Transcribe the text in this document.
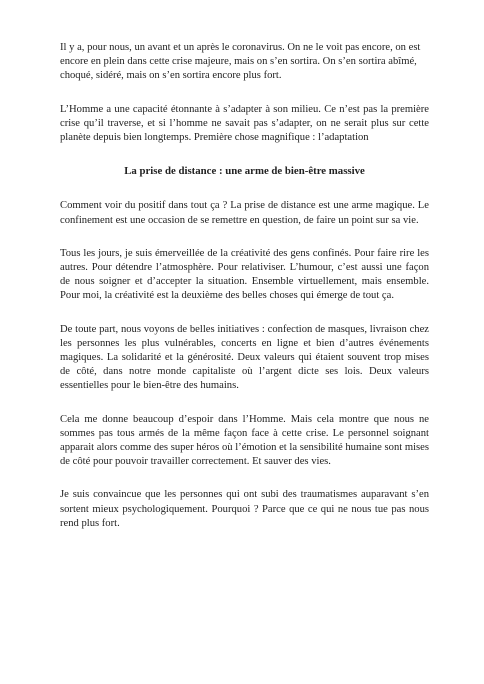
Il y a, pour nous, un avant et un après le coronavirus. On ne le voit pas encore, on est encore en plein dans cette crise majeure, mais on s’en sortira. On s’en sortira abîmé, choqué, sidéré, mais on s’en sortira encore plus fort.

L’Homme a une capacité étonnante à s’adapter à son milieu. Ce n’est pas la première crise qu’il traverse, et si l’homme ne savait pas s’adapter, on ne serait plus sur cette planète depuis bien longtemps. Première chose magnifique : l’adaptation

La prise de distance : une arme de bien-être massive

Comment voir du positif dans tout ça ? La prise de distance est une arme magique. Le confinement est une occasion de se remettre en question, de faire un point sur sa vie.

Tous les jours, je suis émerveillée de la créativité des gens confinés. Pour faire rire les autres. Pour détendre l’atmosphère. Pour relativiser. L’humour, c’est aussi une façon de nous soigner et d’accepter la situation. Ensemble virtuellement, mais ensemble. Pour moi, la créativité est la deuxième des belles choses qui émerge de tout ça.

De toute part, nous voyons de belles initiatives : confection de masques, livraison chez les personnes les plus vulnérables, concerts en ligne et bien d’autres événements magiques. La solidarité et la générosité. Deux valeurs qui étaient souvent trop mises de côté, dans notre monde capitaliste où l’argent dicte ses lois. Deux valeurs essentielles pour le bien-être des humains.

Cela me donne beaucoup d’espoir dans l’Homme. Mais cela montre que nous ne sommes pas tous armés de la même façon face à cette crise. Le personnel soignant apparait alors comme des super héros où l’émotion et la sensibilité humaine sont mises de côté pour pouvoir travailler correctement. Et sauver des vies.

Je suis convaincue que les personnes qui ont subi des traumatismes auparavant s’en sortent mieux psychologiquement. Pourquoi ? Parce que ce qui ne nous tue pas nous rend plus fort.
